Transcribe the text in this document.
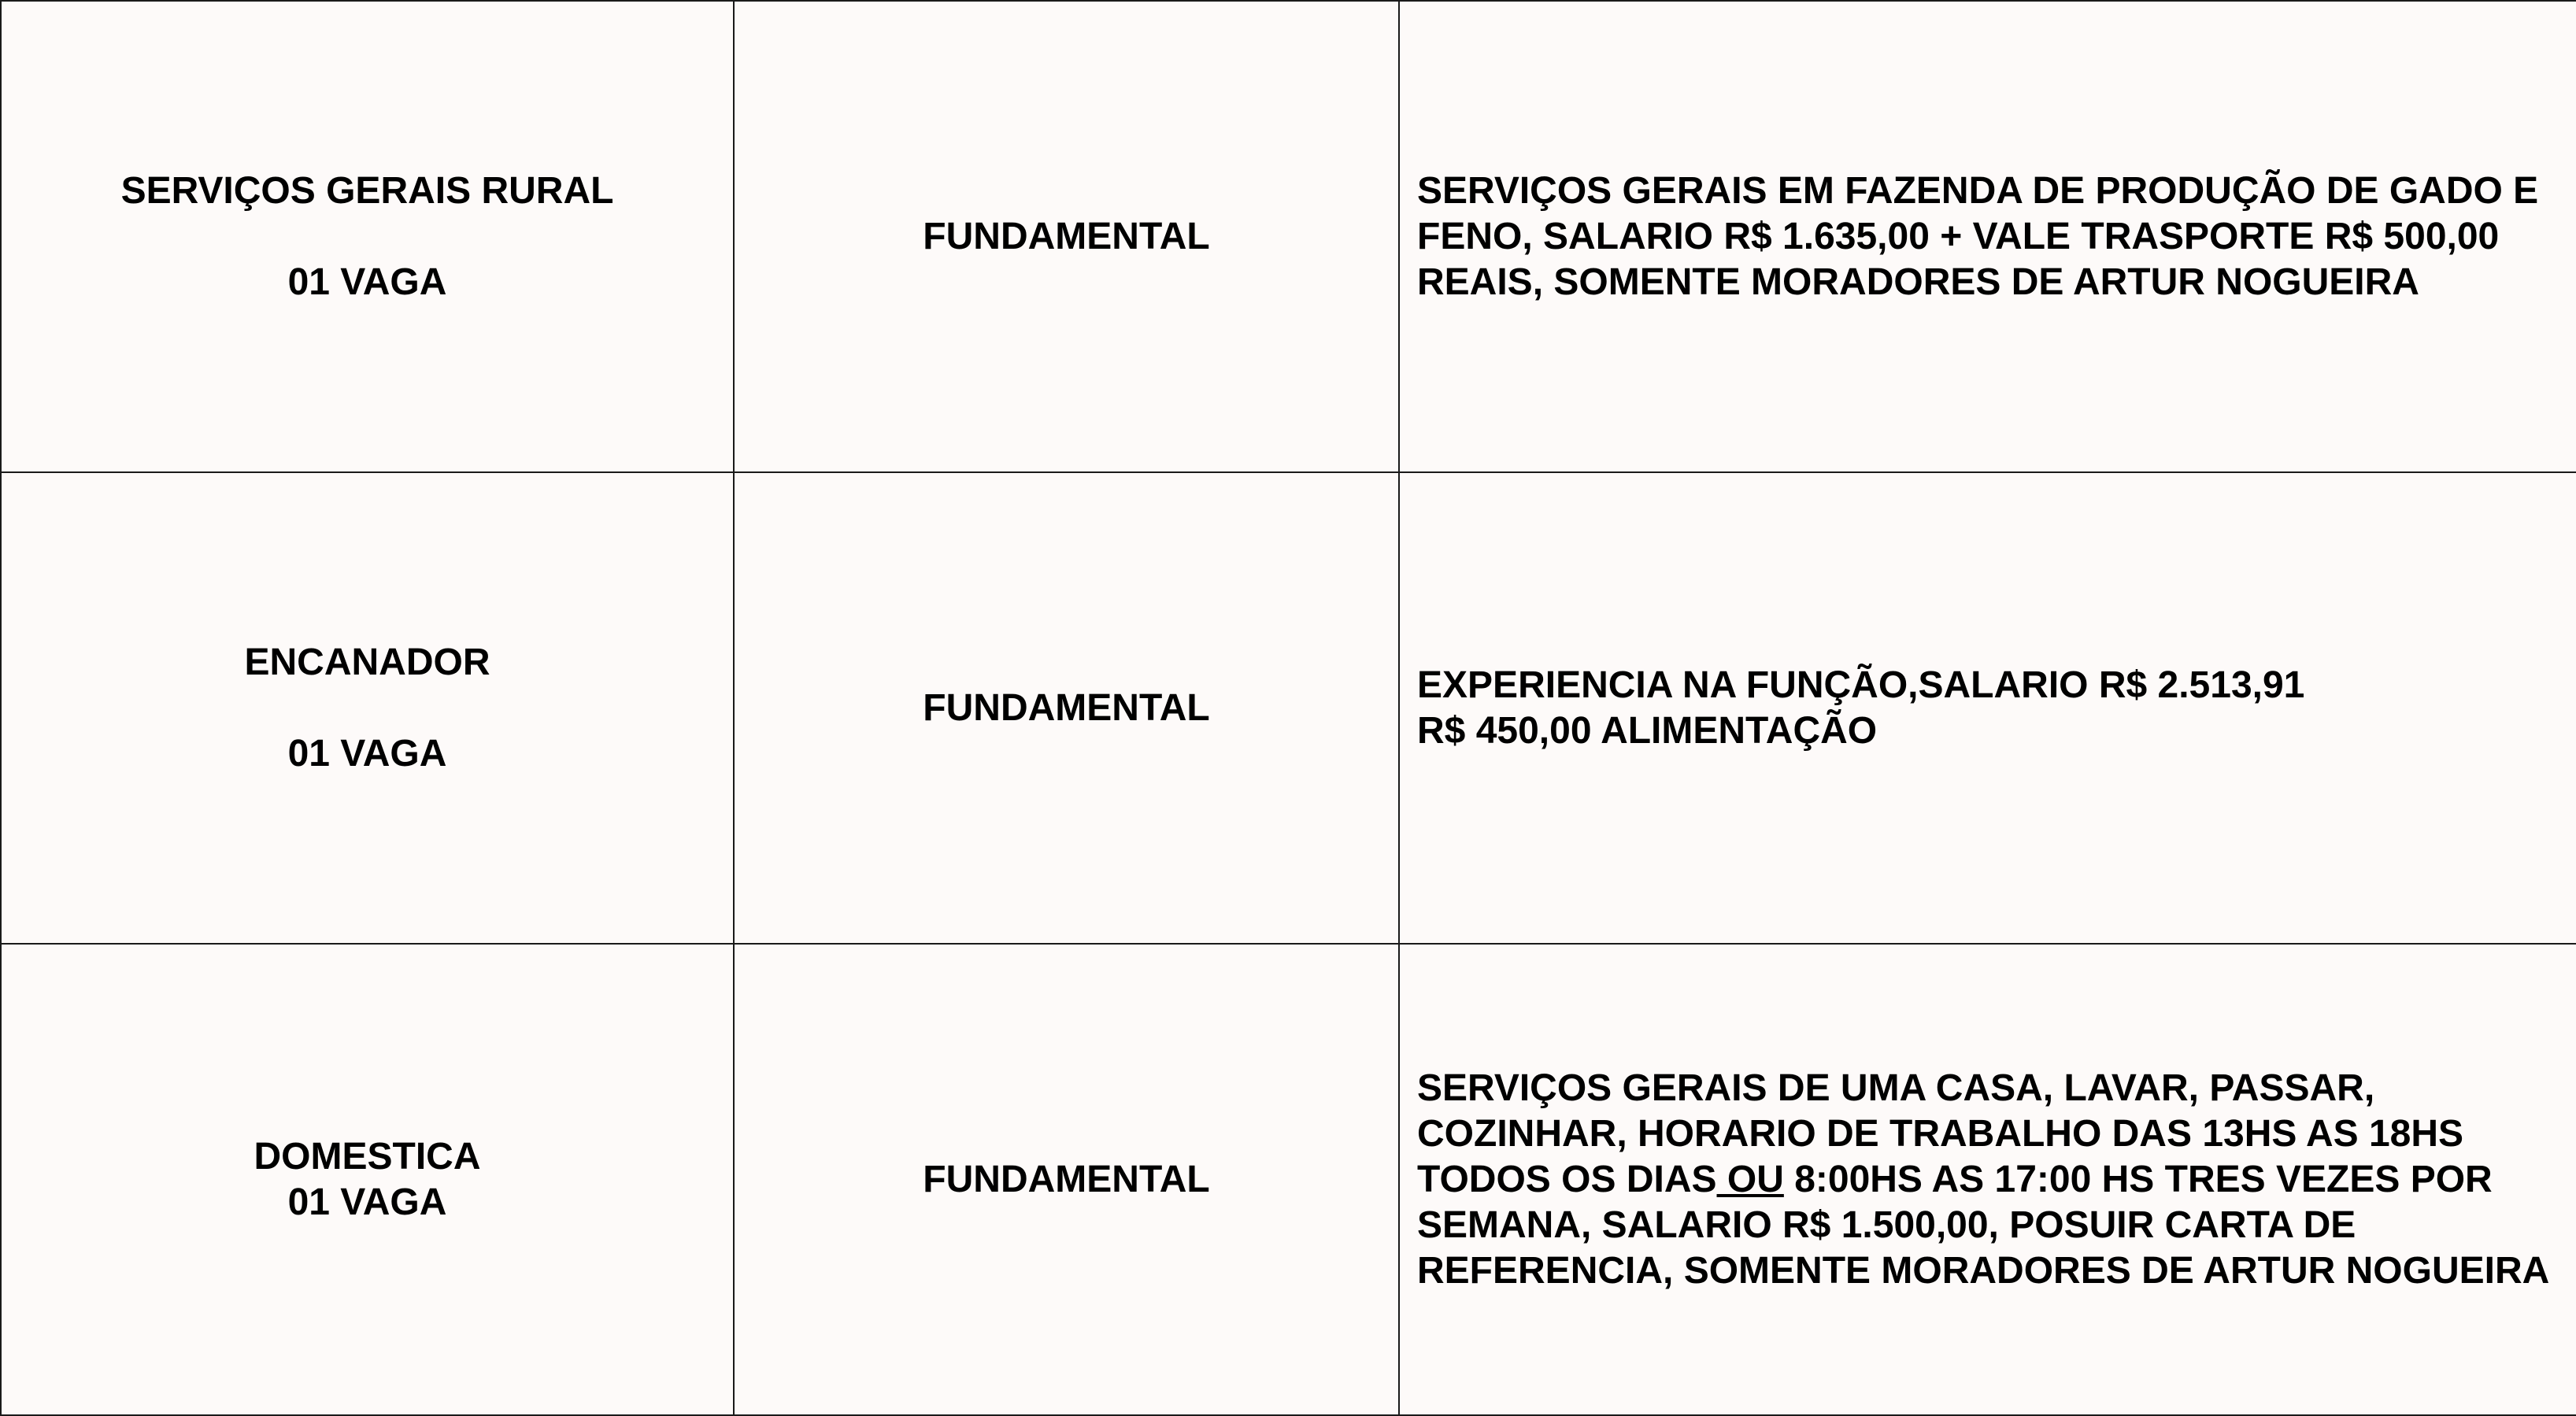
SERVIÇOS GERAIS RURAL
01 VAGA	FUNDAMENTAL	SERVIÇOS GERAIS EM FAZENDA DE PRODUÇÃO DE GADO E FENO, SALARIO R$ 1.635,00 + VALE TRASPORTE R$ 500,00 REAIS, SOMENTE MORADORES DE ARTUR NOGUEIRA

ENCANADOR
01 VAGA	FUNDAMENTAL	EXPERIENCIA NA FUNÇÃO,SALARIO R$ 2.513,91
R$ 450,00 ALIMENTAÇÃO

DOMESTICA
01 VAGA	FUNDAMENTAL	SERVIÇOS GERAIS DE UMA CASA, LAVAR, PASSAR, COZINHAR, HORARIO DE TRABALHO DAS 13HS AS 18HS TODOS OS DIAS OU 8:00HS AS 17:00 HS TRES VEZES POR SEMANA, SALARIO R$ 1.500,00, POSUIR CARTA DE REFERENCIA, SOMENTE MORADORES DE ARTUR NOGUEIRA
